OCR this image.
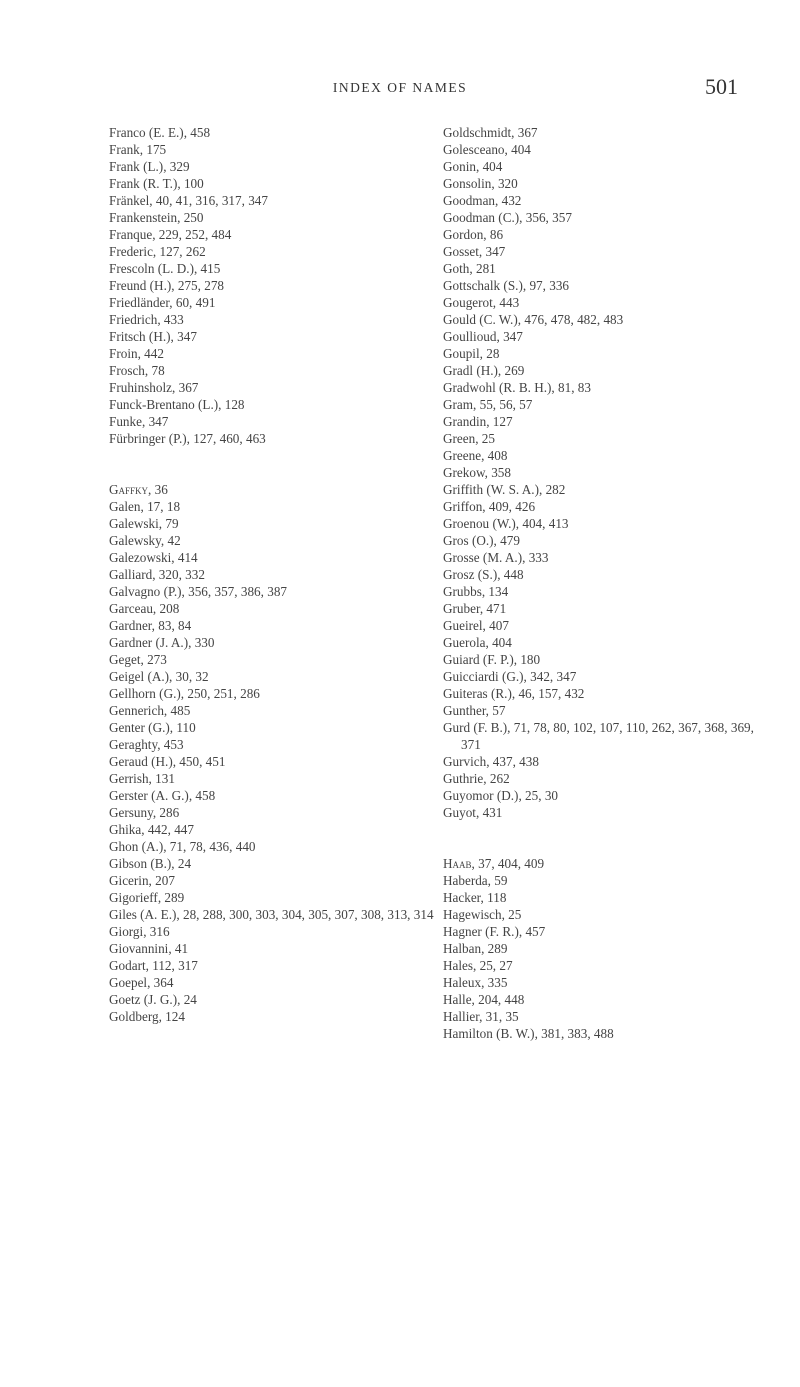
INDEX OF NAMES	501
Franco (E. E.), 458
Frank, 175
Frank (L.), 329
Frank (R. T.), 100
Fränkel, 40, 41, 316, 317, 347
Frankenstein, 250
Franque, 229, 252, 484
Frederic, 127, 262
Frescoln (L. D.), 415
Freund (H.), 275, 278
Friedländer, 60, 491
Friedrich, 433
Fritsch (H.), 347
Froin, 442
Frosch, 78
Fruhinsholz, 367
Funck-Brentano (L.), 128
Funke, 347
Fürbringer (P.), 127, 460, 463
Gaffky, 36
Galen, 17, 18
Galewski, 79
Galewsky, 42
Galezowski, 414
Galliard, 320, 332
Galvagno (P.), 356, 357, 386, 387
Garceau, 208
Gardner, 83, 84
Gardner (J. A.), 330
Geget, 273
Geigel (A.), 30, 32
Gellhorn (G.), 250, 251, 286
Gennerich, 485
Genter (G.), 110
Geraghty, 453
Geraud (H.), 450, 451
Gerrish, 131
Gerster (A. G.), 458
Gersuny, 286
Ghika, 442, 447
Ghon (A.), 71, 78, 436, 440
Gibson (B.), 24
Gicerin, 207
Gigorieff, 289
Giles (A. E.), 28, 288, 300, 303, 304, 305, 307, 308, 313, 314
Giorgi, 316
Giovannini, 41
Godart, 112, 317
Goepel, 364
Goetz (J. G.), 24
Goldberg, 124
Goldschmidt, 367
Golesceano, 404
Gonin, 404
Gonsolin, 320
Goodman, 432
Goodman (C.), 356, 357
Gordon, 86
Gosset, 347
Goth, 281
Gottschalk (S.), 97, 336
Gougerot, 443
Gould (C. W.), 476, 478, 482, 483
Goullioud, 347
Goupil, 28
Gradl (H.), 269
Gradwohl (R. B. H.), 81, 83
Gram, 55, 56, 57
Grandin, 127
Green, 25
Greene, 408
Grekow, 358
Griffith (W. S. A.), 282
Griffon, 409, 426
Groenou (W.), 404, 413
Gros (O.), 479
Grosse (M. A.), 333
Grosz (S.), 448
Grubbs, 134
Gruber, 471
Gueirel, 407
Guerola, 404
Guiard (F. P.), 180
Guicciardi (G.), 342, 347
Guiteras (R.), 46, 157, 432
Gunther, 57
Gurd (F. B.), 71, 78, 80, 102, 107, 110, 262, 367, 368, 369, 371
Gurvich, 437, 438
Guthrie, 262
Guyomor (D.), 25, 30
Guyot, 431
Haab, 37, 404, 409
Haberda, 59
Hacker, 118
Hagewisch, 25
Hagner (F. R.), 457
Halban, 289
Hales, 25, 27
Haleux, 335
Halle, 204, 448
Hallier, 31, 35
Hamilton (B. W.), 381, 383, 488
